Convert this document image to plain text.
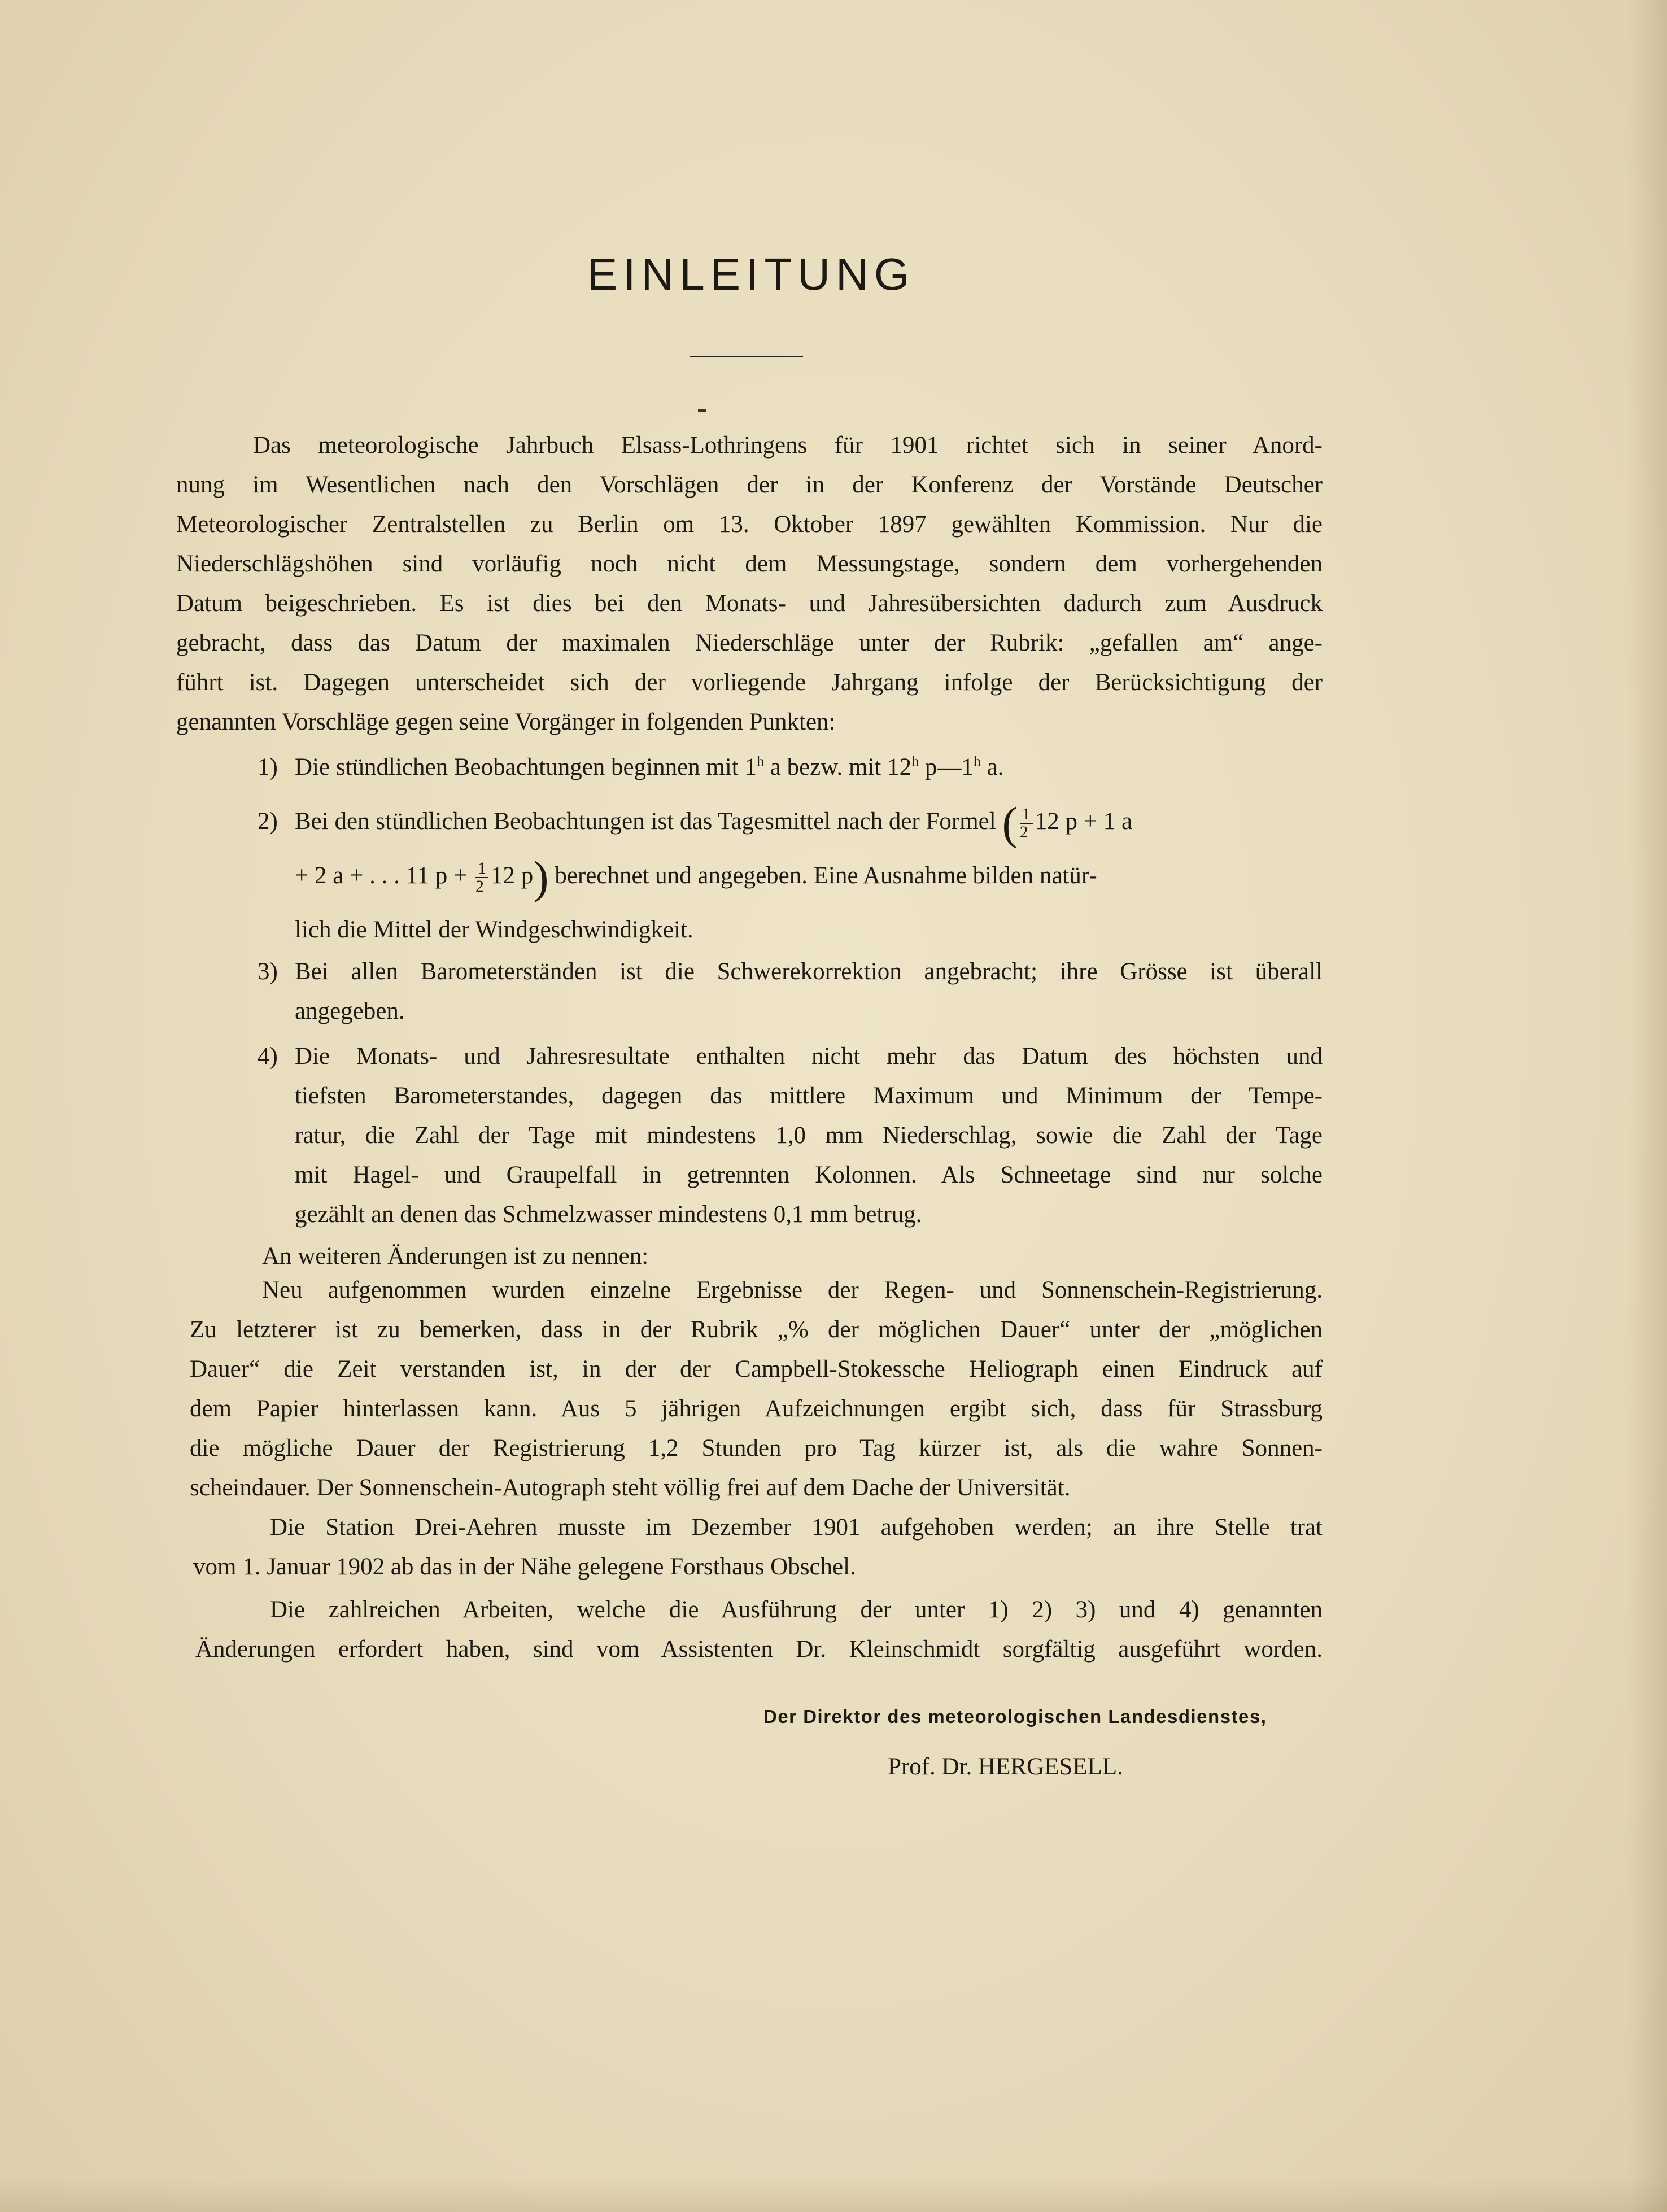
EINLEITUNG
Das meteorologische Jahrbuch Elsass-Lothringens für 1901 richtet sich in seiner Anord-
nung im Wesentlichen nach den Vorschlägen der in der Konferenz der Vorstände Deutscher
Meteorologischer Zentralstellen zu Berlin om 13. Oktober 1897 gewählten Kommission. Nur die
Niederschlägshöhen sind vorläufig noch nicht dem Messungstage, sondern dem vorhergehenden
Datum beigeschrieben. Es ist dies bei den Monats- und Jahresübersichten dadurch zum Ausdruck
gebracht, dass das Datum der maximalen Niederschläge unter der Rubrik: „gefallen am“ ange-
führt ist. Dagegen unterscheidet sich der vorliegende Jahrgang infolge der Berücksichtigung der
genannten Vorschläge gegen seine Vorgänger in folgenden Punkten:
1) Die stündlichen Beobachtungen beginnen mit 1$^h$ a bezw. mit 12$^h$ p—1$^h$ a.
2) Bei den stündlichen Beobachtungen ist das Tagesmittel nach der Formel ( $\frac{1}{2} 12$ p + 1 a
+ 2 a + . . . 11 $p + \frac{1}{2} 12$ p) berechnet und angegeben. Eine Ausnahme bilden natür-
lich die Mittel der Windgeschwindigkeit.
3) Bei allen Barometerständen ist die Schwerekorrektion angebracht; ihre Grösse ist überall
angegeben.
4) Die Monats- und Jahresresultate enthalten nicht mehr das Datum des höchsten und
tiefsten Barometerstandes, dagegen das mittlere Maximum und Minimum der Tempe-
ratur, die Zahl der Tage mit mindestens 1,0 mm Niederschlag, sowie die Zahl der Tage
mit Hagel- und Graupelfall in getrennten Kolonnen. Als Schneetage sind nur solche
gezählt an denen das Schmelzwasser mindestens 0,1 mm betrug.
An weiteren Änderungen ist zu nennen:
Neu aufgenommen wurden einzelne Ergebnisse der Regen- und Sonnenschein-Registrierung.
Zu letzterer ist zu bemerken, dass in der Rubrik „% der möglichen Dauer“ unter der „möglichen
Dauer“ die Zeit verstanden ist, in der der Campbell-Stokessche Heliograph einen Eindruck auf
dem Papier hinterlassen kann. Aus 5 jährigen Aufzeichnungen ergibt sich, dass für Strassburg
die mögliche Dauer der Registrierung 1,2 Stunden pro Tag kürzer ist, als die wahre Sonnen-
scheindauer. Der Sonnenschein-Autograph steht völlig frei auf dem Dache der Universität.
Die Station Drei-Aehren musste im Dezember 1901 aufgehoben werden; an ihre Stelle trat
vom 1. Januar 1902 ab das in der Nähe gelegene Forsthaus Obschel.
Die zahlreichen Arbeiten, welche die Ausführung der unter 1) 2) 3) und 4) genannten
Änderungen erfordert haben, sind vom Assistenten Dr. Kleinschmidt sorgfältig ausgeführt worden.
Der Direktor des meteorologischen Landesdienstes,
Prof. Dr. HERGESELL.
